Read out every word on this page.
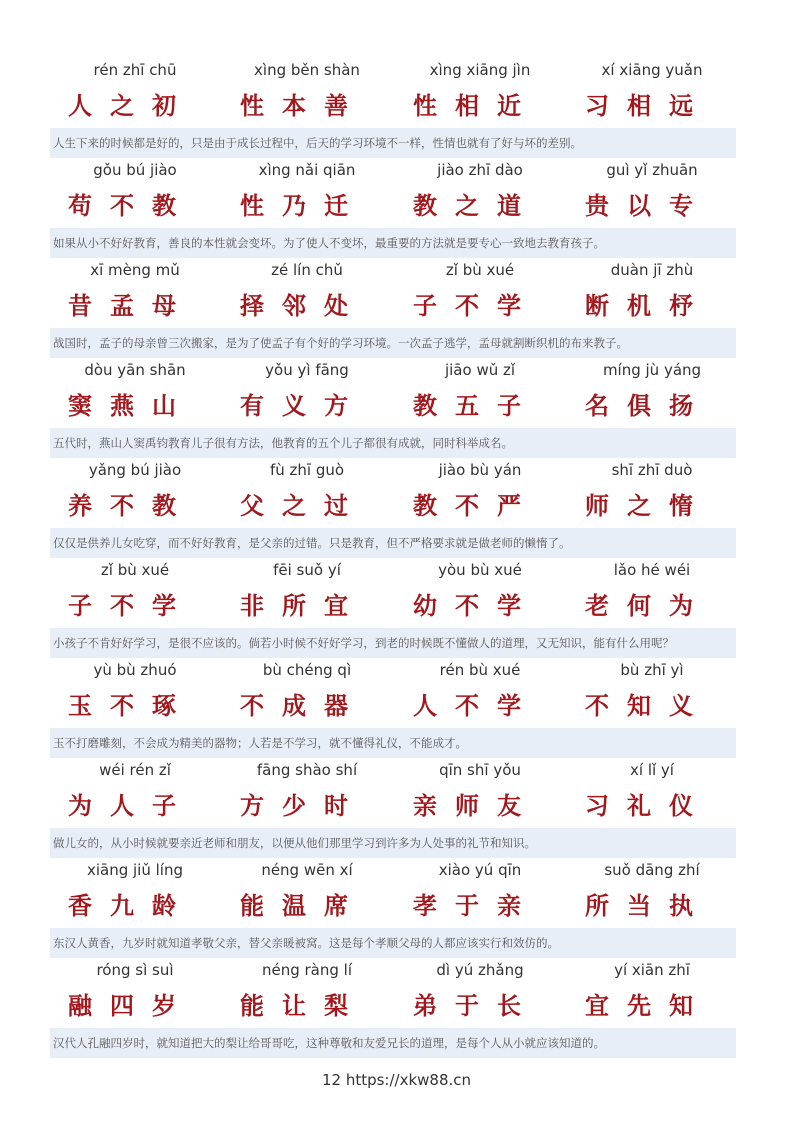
rén zhī chū
人 之 初
xìng běn shàn
性 本 善
xìng xiāng jìn
性 相 近
xí xiāng yuǎn
习 相 远
人生下来的时候都是好的，只是由于成长过程中，后天的学习环境不一样，性情也就有了好与坏的差别。
gǒu bú jiào
苟 不 教
xìng nǎi qiān
性 乃 迁
jiào zhī dào
教 之 道
guì yǐ zhuān
贵 以 专
如果从小不好好教育，善良的本性就会变坏。为了使人不变坏，最重要的方法就是要专心一致地去教育孩子。
xī mèng mǔ
昔 孟 母
zé lín chǔ
择 邻 处
zǐ bù xué
子 不 学
duàn jī zhù
断 机 杼
战国时，孟子的母亲曾三次搬家，是为了使孟子有个好的学习环境。一次孟子逃学，孟母就割断织机的布来教子。
dòu yān shān
窦 燕 山
yǒu yì fāng
有 义 方
jiāo wǔ zǐ
教 五 子
míng jù yáng
名 俱 扬
五代时，燕山人窦禹钧教育儿子很有方法，他教育的五个儿子都很有成就，同时科举成名。
yǎng bú jiào
养 不 教
fù zhī guò
父 之 过
jiào bù yán
教 不 严
shī zhī duò
师 之 惰
仅仅是供养儿女吃穿，而不好好教育，是父亲的过错。只是教育，但不严格要求就是做老师的懒惰了。
zǐ bù xué
子 不 学
fēi suǒ yí
非 所 宜
yòu bù xué
幼 不 学
lǎo hé wéi
老 何 为
小孩子不肯好好学习，是很不应该的。倘若小时候不好好学习，到老的时候既不懂做人的道理，又无知识，能有什么用呢？
yù bù zhuó
玉 不 琢
bù chéng qì
不 成 器
rén bù xué
人 不 学
bù zhī yì
不 知 义
玉不打磨雕刻，不会成为精美的器物；人若是不学习，就不懂得礼仪，不能成才。
wéi rén zǐ
为 人 子
fāng shào shí
方 少 时
qīn shī yǒu
亲 师 友
xí lǐ yí
习 礼 仪
做儿女的，从小时候就要亲近老师和朋友，以便从他们那里学习到许多为人处事的礼节和知识。
xiāng jiǔ líng
香 九 龄
néng wēn xí
能 温 席
xiào yú qīn
孝 于 亲
suǒ dāng zhí
所 当 执
东汉人黄香，九岁时就知道孝敬父亲，替父亲暖被窝。这是每个孝顺父母的人都应该实行和效仿的。
róng sì suì
融 四 岁
néng ràng lí
能 让 梨
dì yú zhǎng
弟 于 长
yí xiān zhī
宜 先 知
汉代人孔融四岁时，就知道把大的梨让给哥哥吃，这种尊敬和友爱兄长的道理，是每个人从小就应该知道的。
12 https://xkw88.cn
